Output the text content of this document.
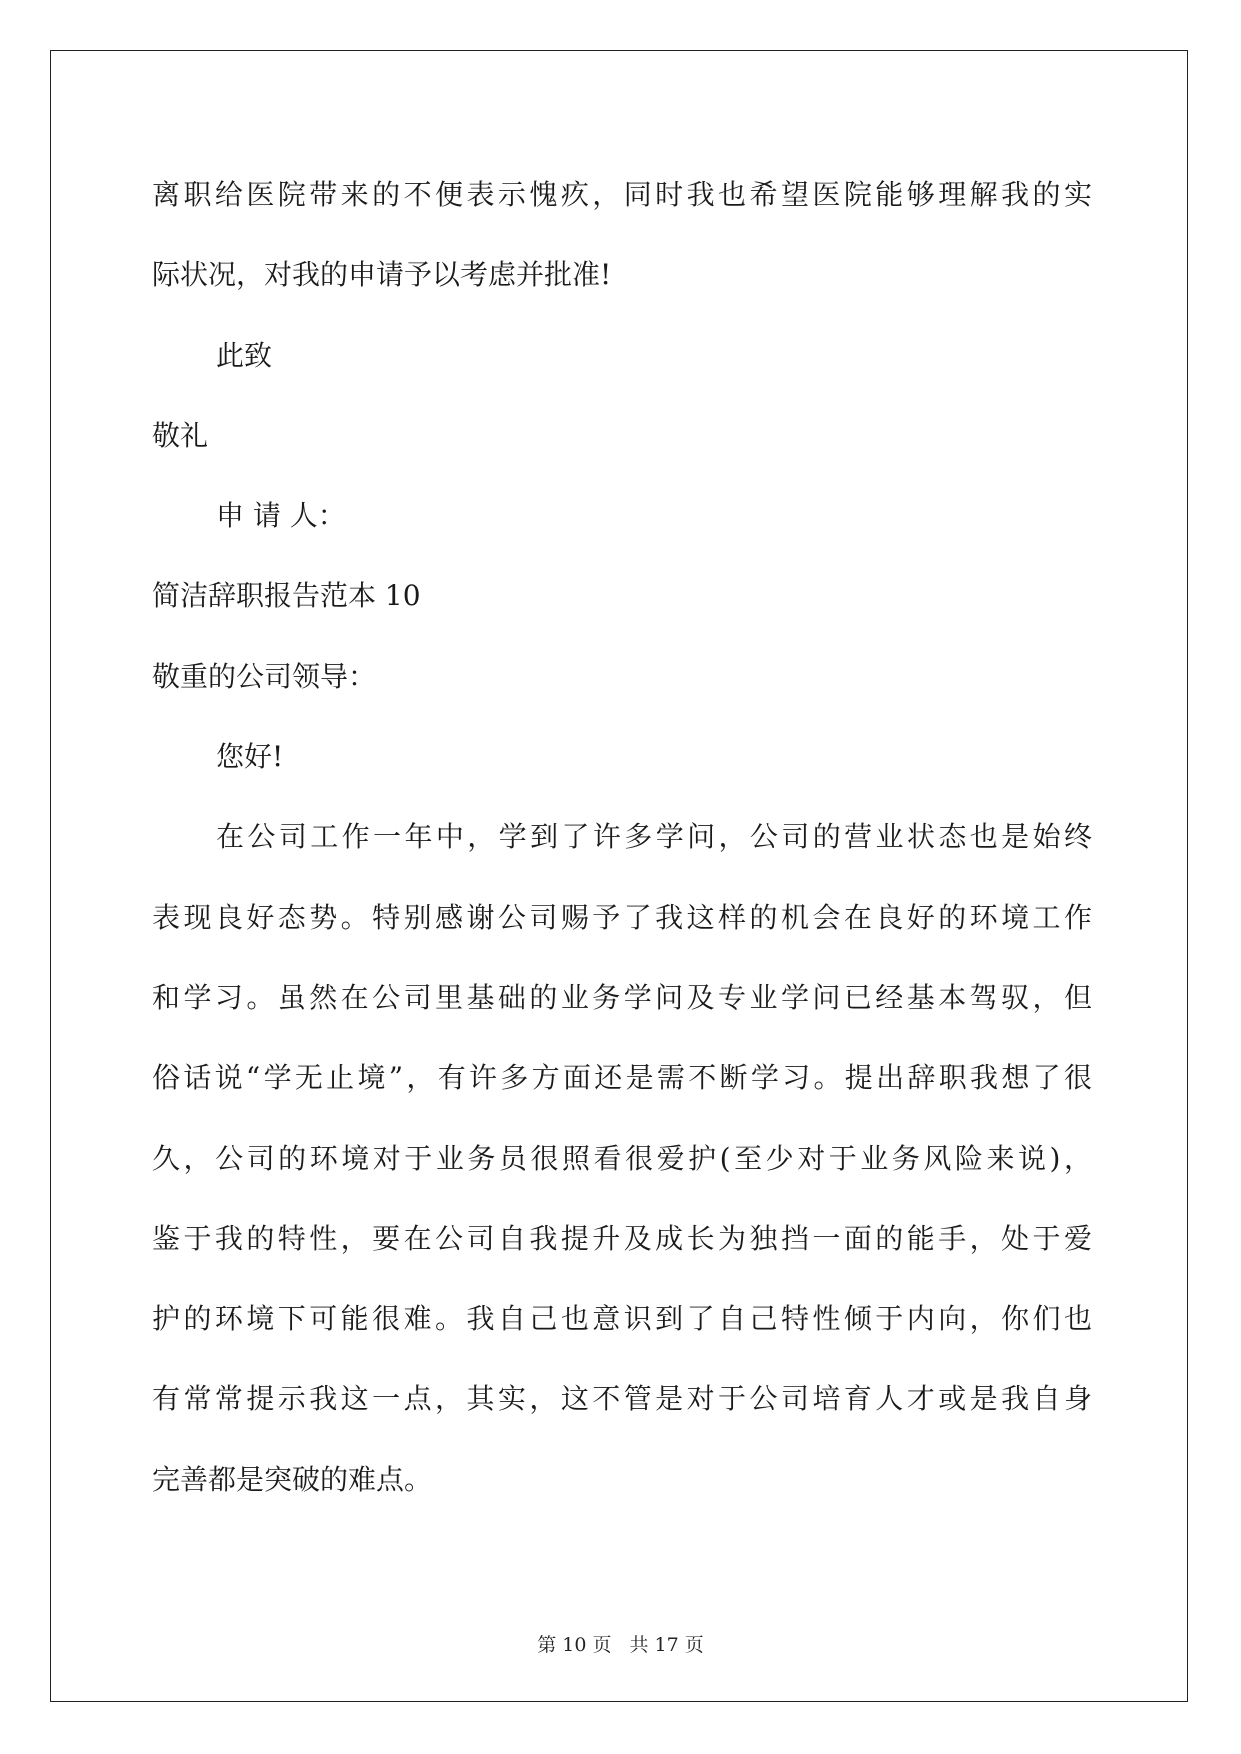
离职给医院带来的不便表示愧疚，同时我也希望医院能够理解我的实
际状况，对我的申请予以考虑并批准!
此致
敬礼
申 请 人：
简洁辞职报告范本 10
敬重的公司领导：
您好!
在公司工作一年中，学到了许多学问，公司的营业状态也是始终
表现良好态势。特别感谢公司赐予了我这样的机会在良好的环境工作
和学习。虽然在公司里基础的业务学问及专业学问已经基本驾驭，但
俗话说“学无止境”，有许多方面还是需不断学习。提出辞职我想了很
久，公司的环境对于业务员很照看很爱护(至少对于业务风险来说)，
鉴于我的特性，要在公司自我提升及成长为独挡一面的能手，处于爱
护的环境下可能很难。我自己也意识到了自己特性倾于内向，你们也
有常常提示我这一点，其实，这不管是对于公司培育人才或是我自身
完善都是突破的难点。
第 10 页 共 17 页
